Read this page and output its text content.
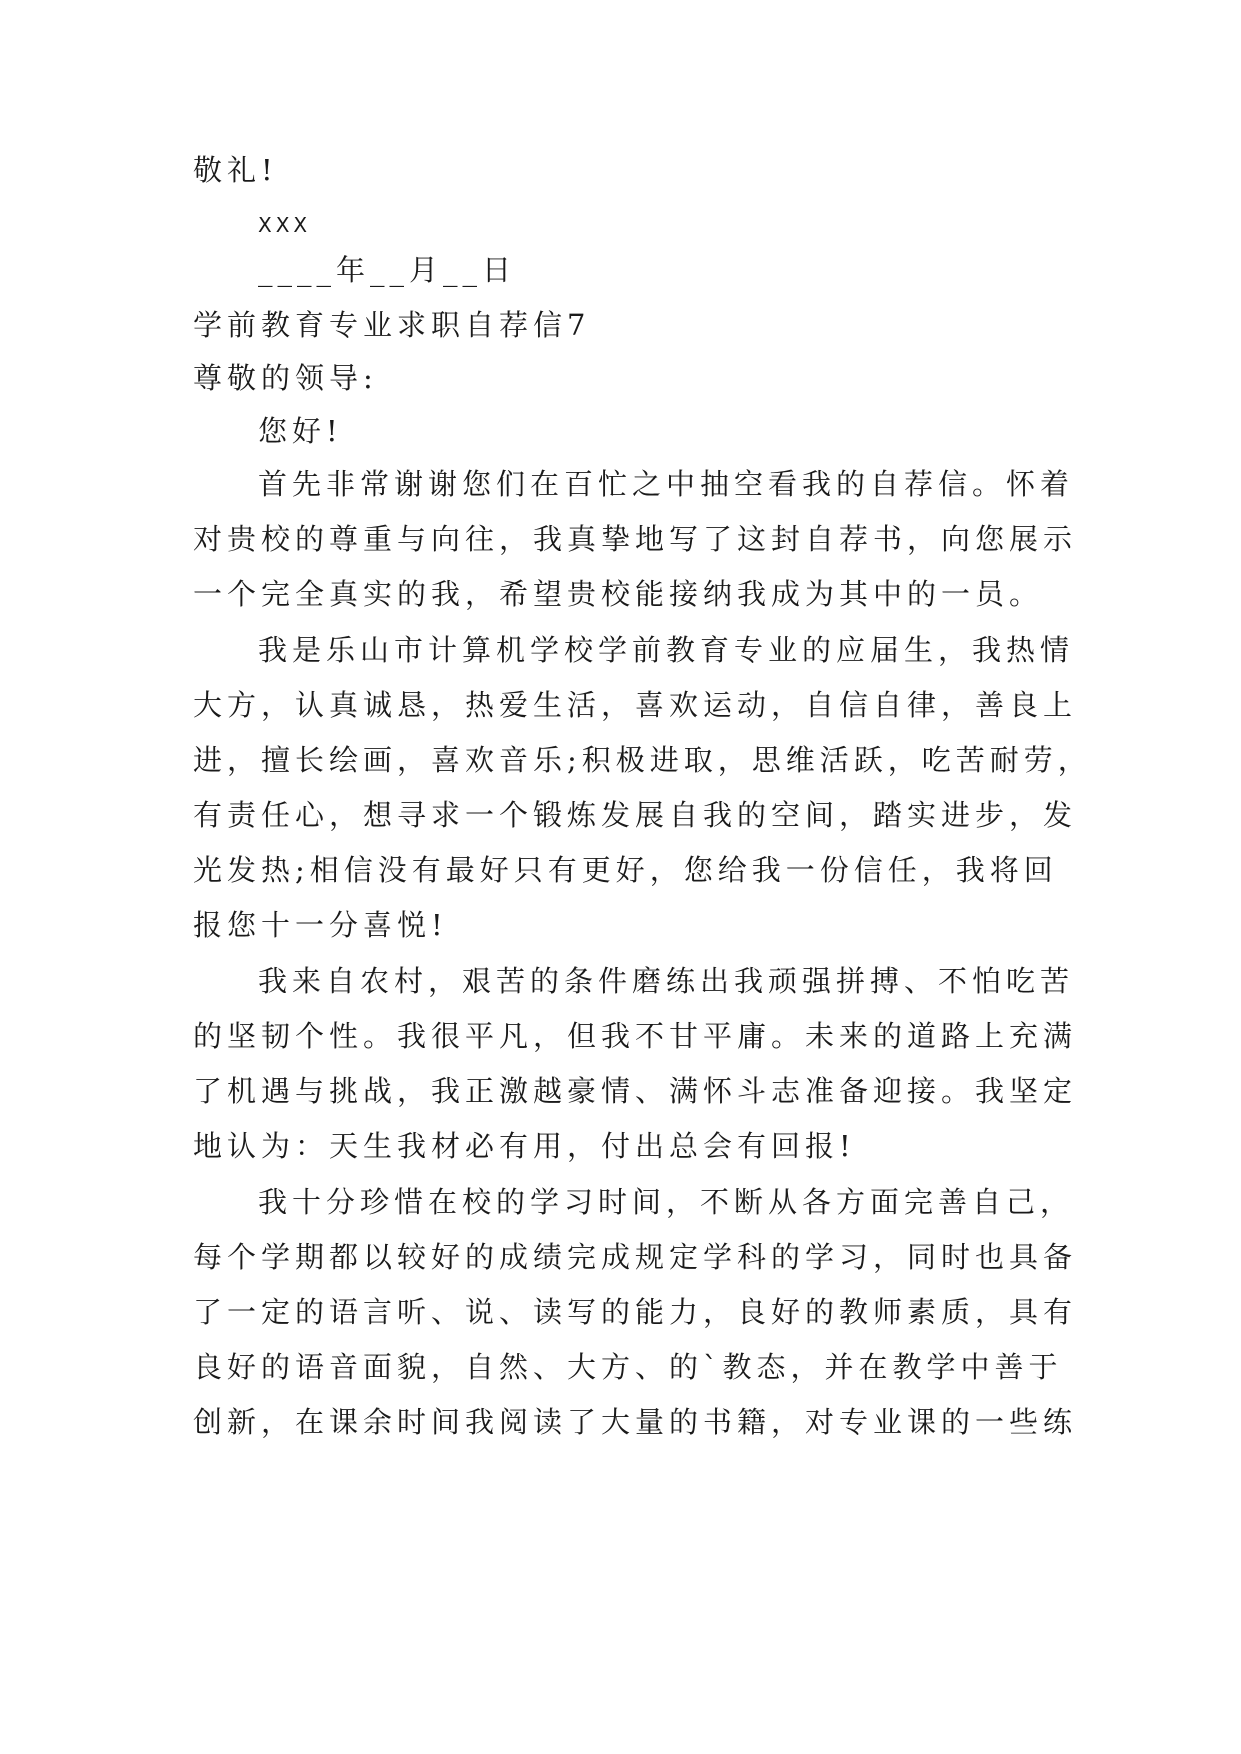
敬礼!
XXX
____年__月__日
学前教育专业求职自荐信7
尊敬的领导:
您好!
首先非常谢谢您们在百忙之中抽空看我的自荐信。怀着
对贵校的尊重与向往，我真挚地写了这封自荐书，向您展示
一个完全真实的我，希望贵校能接纳我成为其中的一员。
我是乐山市计算机学校学前教育专业的应届生，我热情
大方，认真诚恳，热爱生活，喜欢运动，自信自律，善良上
进，擅长绘画，喜欢音乐;积极进取，思维活跃，吃苦耐劳，
有责任心，想寻求一个锻炼发展自我的空间，踏实进步，发
光发热;相信没有最好只有更好，您给我一份信任，我将回
报您十一分喜悦!
我来自农村，艰苦的条件磨练出我顽强拼搏、不怕吃苦
的坚韧个性。我很平凡，但我不甘平庸。未来的道路上充满
了机遇与挑战，我正激越豪情、满怀斗志准备迎接。我坚定
地认为：天生我材必有用，付出总会有回报!
我十分珍惜在校的学习时间，不断从各方面完善自己，
每个学期都以较好的成绩完成规定学科的学习，同时也具备
了一定的语言听、说、读写的能力，良好的教师素质，具有
良好的语音面貌，自然、大方、的`教态，并在教学中善于
创新，在课余时间我阅读了大量的书籍，对专业课的一些练
